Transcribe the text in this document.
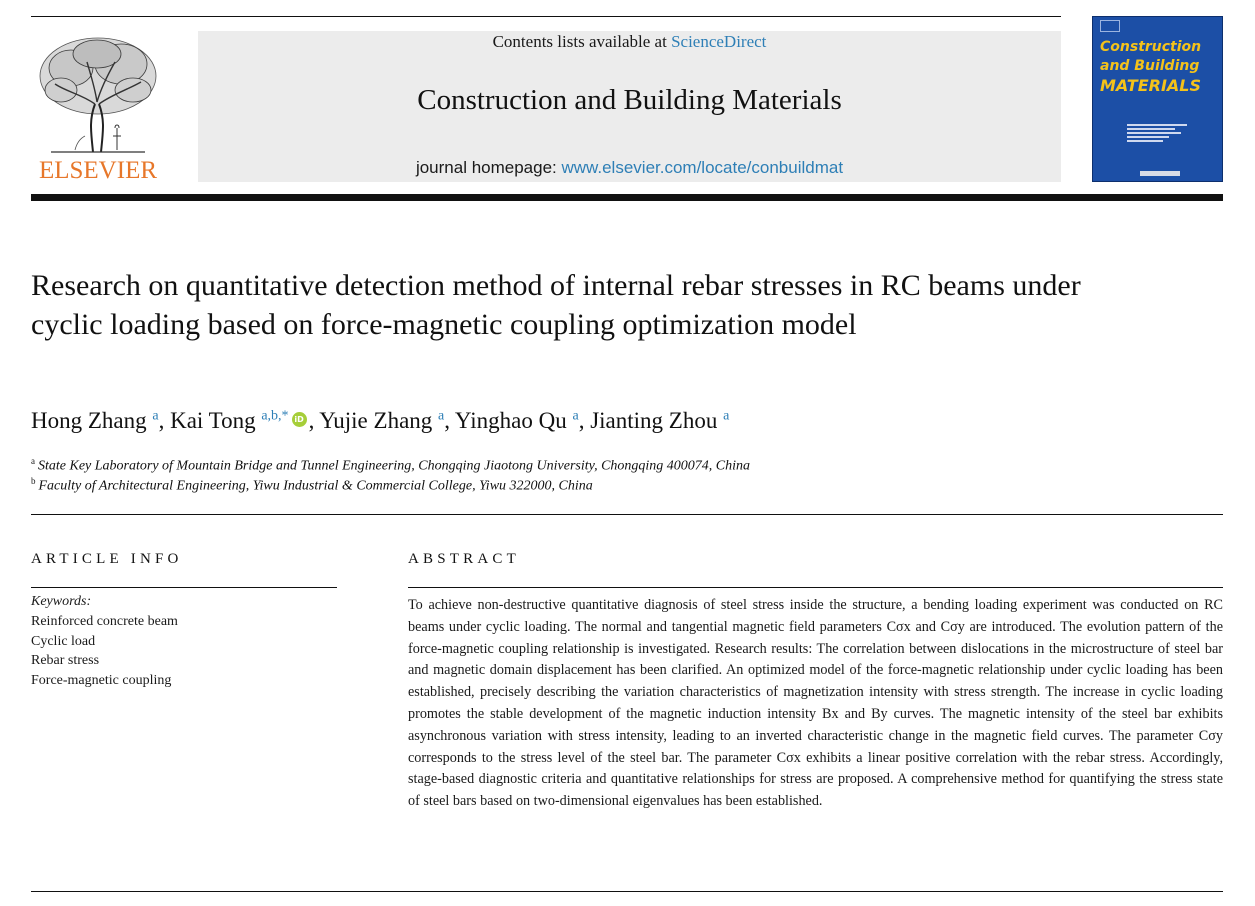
ELSEVIER
Contents lists available at ScienceDirect
Construction and Building Materials
journal homepage: www.elsevier.com/locate/conbuildmat
Construction
and Building
MATERIALS
Research on quantitative detection method of internal rebar stresses in RC beams under cyclic loading based on force-magnetic coupling optimization model
Hong Zhang $^a$, Kai Tong $^{a,b,*}$ iD , Yujie Zhang $^a$, Yinghao Qu $^a$, Jianting Zhou $^a$
$^a$ State Key Laboratory of Mountain Bridge and Tunnel Engineering, Chongqing Jiaotong University, Chongqing 400074, China
$^b$ Faculty of Architectural Engineering, Yiwu Industrial & Commercial College, Yiwu 322000, China
ARTICLE INFO
Keywords:
Reinforced concrete beam
Cyclic load
Rebar stress
Force-magnetic coupling
ABSTRACT
To achieve non-destructive quantitative diagnosis of steel stress inside the structure, a bending loading experiment was conducted on RC beams under cyclic loading. The normal and tangential magnetic field parameters Cσx and Cσy are introduced. The evolution pattern of the force-magnetic coupling relationship is investigated. Research results: The correlation between dislocations in the microstructure of steel bar and magnetic domain displacement has been clarified. An optimized model of the force-magnetic relationship under cyclic loading has been established, precisely describing the variation characteristics of magnetization intensity with stress strength. The increase in cyclic loading promotes the stable development of the magnetic induction intensity Bx and By curves. The magnetic intensity of the steel bar exhibits asynchronous variation with stress intensity, leading to an inverted characteristic change in the magnetic field curves. The parameter Cσy corresponds to the stress level of the steel bar. The parameter Cσx exhibits a linear positive correlation with the rebar stress. Accordingly, stage-based diagnostic criteria and quantitative relationships for stress are proposed. A comprehensive method for quantifying the stress state of steel bars based on two-dimensional eigenvalues has been established.
